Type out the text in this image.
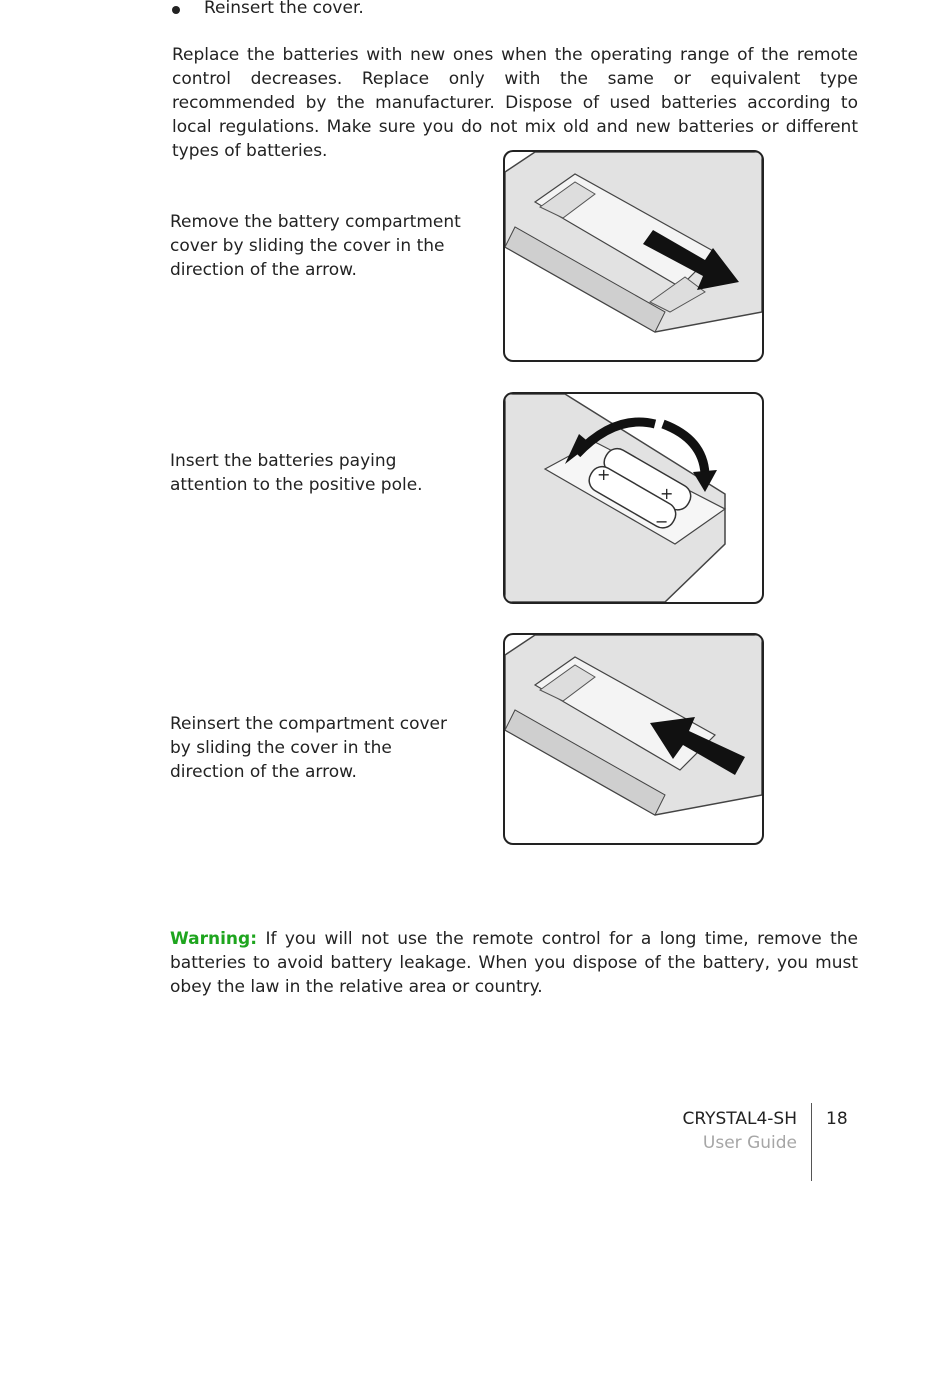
Reinsert the cover.
Replace the batteries with new ones when the operating range of the remote control decreases. Replace only with the same or equivalent type recommended by the manufacturer. Dispose of used batteries according to local regulations. Make sure you do not mix old and new batteries or different types of batteries.
Remove the battery compartment cover by sliding the cover in the direction of the arrow.
Insert the batteries paying attention to the positive pole.
+
+
−
Reinsert the compartment cover by sliding the cover in the direction of the arrow.
Warning: If you will not use the remote control for a long time, remove the batteries to avoid battery leakage. When you dispose of the battery, you must obey the law in the relative area or country.
CRYSTAL4-SH
User Guide
18
